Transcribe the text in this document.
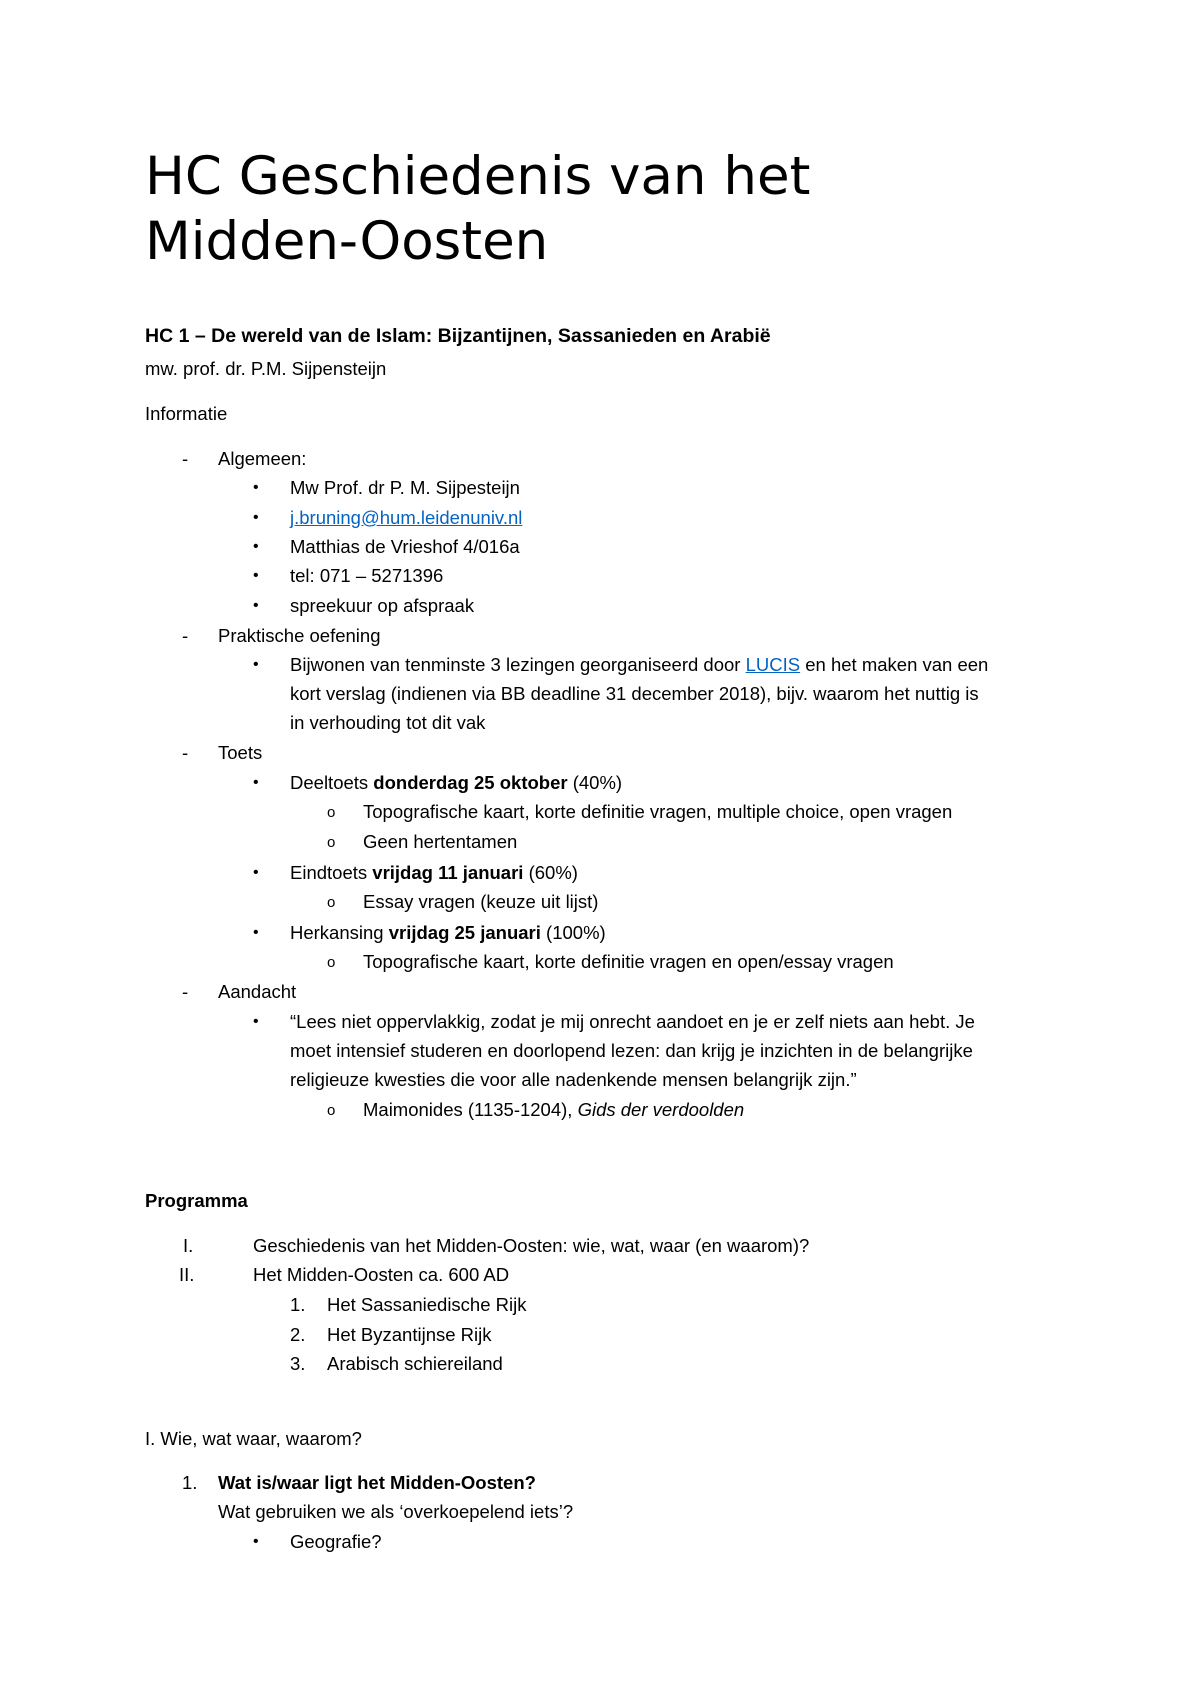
HC Geschiedenis van het
Midden-Oosten
HC 1 – De wereld van de Islam: Bijzantijnen, Sassanieden en Arabië
mw. prof. dr. P.M. Sijpensteijn
Informatie
- Algemeen:
• Mw Prof. dr P. M. Sijpesteijn
• j.bruning@hum.leidenuniv.nl
• Matthias de Vrieshof 4/016a
• tel: 071 – 5271396
• spreekuur op afspraak
- Praktische oefening
• Bijwonen van tenminste 3 lezingen georganiseerd door LUCIS en het maken van een
kort verslag (indienen via BB deadline 31 december 2018), bijv. waarom het nuttig is
in verhouding tot dit vak
- Toets
• Deeltoets donderdag 25 oktober (40%)
o Topografische kaart, korte definitie vragen, multiple choice, open vragen
o Geen hertentamen
• Eindtoets vrijdag 11 januari (60%)
o Essay vragen (keuze uit lijst)
• Herkansing vrijdag 25 januari (100%)
o Topografische kaart, korte definitie vragen en open/essay vragen
- Aandacht
• “Lees niet oppervlakkig, zodat je mij onrecht aandoet en je er zelf niets aan hebt. Je
moet intensief studeren en doorlopend lezen: dan krijg je inzichten in de belangrijke
religieuze kwesties die voor alle nadenkende mensen belangrijk zijn.”
o Maimonides (1135-1204), Gids der verdoolden
Programma
I.	Geschiedenis van het Midden-Oosten: wie, wat, waar (en waarom)?
II.	Het Midden-Oosten ca. 600 AD
1. Het Sassaniedische Rijk
2. Het Byzantijnse Rijk
3. Arabisch schiereiland
I. Wie, wat waar, waarom?
1. Wat is/waar ligt het Midden-Oosten?
Wat gebruiken we als ‘overkoepelend iets’?
• Geografie?
